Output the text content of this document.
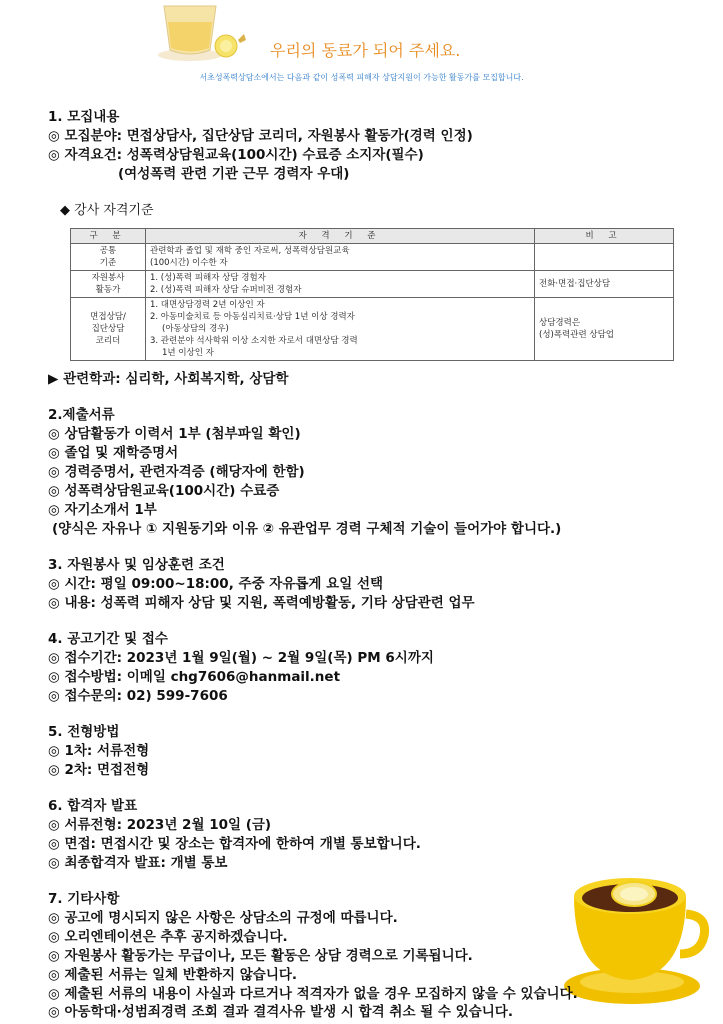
우리의 동료가 되어 주세요.
서초성폭력상담소에서는 다음과 같이 성폭력 피해자 상담지원이 가능한 활동가를 모집합니다.
1. 모집내용
◎ 모집분야: 면접상담사, 집단상담 코리더, 자원봉사 활동가(경력 인정)
◎ 자격요건: 성폭력상담원교육(100시간) 수료증 소지자(필수)
(여성폭력 관련 기관 근무 경력자 우대)
◆ 강사 자격기준
구 분	자 격 기 준	비 고

공통
기준	관련학과 졸업 및 재학 중인 자로써, 성폭력상담원교육
(100시간) 이수한 자	

자원봉사
활동가	1. (성)폭력 피해자 상담 경험자
2. (성)폭력 피해자 상담 슈퍼비전 경험자	전화·면접·집단상담

면접상담/
집단상담
코리더	1. 대면상담경력 2년 이상인 자
2. 아동미술치료 등 아동심리치료·상담 1년 이상 경력자
(아동상담의 경우)
3. 관련분야 석사학위 이상 소지한 자로서 대면상담 경력
1년 이상인 자	상담경력은
(성)폭력관련 상담업
▶ 관련학과: 심리학, 사회복지학, 상담학
2.제출서류
◎ 상담활동가 이력서 1부 (첨부파일 확인)
◎ 졸업 및 재학증명서
◎ 경력증명서, 관련자격증 (해당자에 한함)
◎ 성폭력상담원교육(100시간) 수료증
◎ 자기소개서 1부
(양식은 자유나 ① 지원동기와 이유 ② 유관업무 경력 구체적 기술이 들어가야 합니다.)
3. 자원봉사 및 임상훈련 조건
◎ 시간: 평일 09:00~18:00, 주중 자유롭게 요일 선택
◎ 내용: 성폭력 피해자 상담 및 지원, 폭력예방활동, 기타 상담관련 업무
4. 공고기간 및 접수
◎ 접수기간: 2023년 1월 9일(월) ~ 2월 9일(목) PM 6시까지
◎ 접수방법: 이메일 chg7606@hanmail.net
◎ 접수문의: 02) 599-7606
5. 전형방법
◎ 1차: 서류전형
◎ 2차: 면접전형
6. 합격자 발표
◎ 서류전형: 2023년 2월 10일 (금)
◎ 면접: 면접시간 및 장소는 합격자에 한하여 개별 통보합니다.
◎ 최종합격자 발표: 개별 통보
7. 기타사항
◎ 공고에 명시되지 않은 사항은 상담소의 규정에 따릅니다.
◎ 오리엔테이션은 추후 공지하겠습니다.
◎ 자원봉사 활동가는 무급이나, 모든 활동은 상담 경력으로 기록됩니다.
◎ 제출된 서류는 일체 반환하지 않습니다.
◎ 제출된 서류의 내용이 사실과 다르거나 적격자가 없을 경우 모집하지 않을 수 있습니다.
◎ 아동학대·성범죄경력 조회 결과 결격사유 발생 시 합격 취소 될 수 있습니다.
